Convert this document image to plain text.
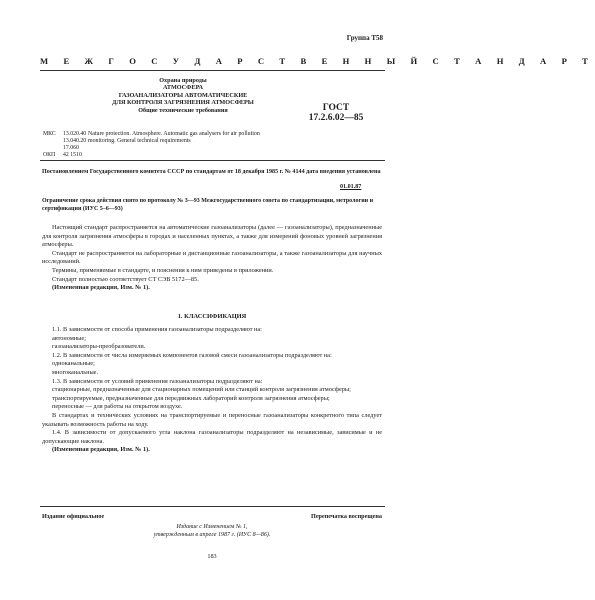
Группа Т58
М Е Ж Г О С У Д А Р С Т В Е Н Н Ы Й С Т А Н Д А Р Т
Охрана природы
АТМОСФЕРА
ГАЗОАНАЛИЗАТОРЫ АВТОМАТИЧЕСКИЕ
ДЛЯ КОНТРОЛЯ ЗАГРЯЗНЕНИЯ АТМОСФЕРЫ
Общие технические требования
Nature protection. Atmosphere. Automatic gas analysers for air pollution monitoring. General technical requirements
ГОСТ
17.2.6.02—85
МКС	13.020.40
13.040.20
17.060
ОКП	42 1510
Постановлением Государственного комитета СССР по стандартам от 18 декабря 1985 г. № 4144 дата введения установлена
01.01.87
Ограничение срока действия снято по протоколу № 3—93 Межгосударственного совета по стандартизации, метрологии и сертификации (ИУС 5–6—93)

Настоящий стандарт распространяется на автоматические газоанализаторы (далее — газоанализаторы), предназначенные для контроля загрязнения атмосферы в городах и населенных пунктах, а также для измерений фоновых уровней загрязнения атмосферы.

Стандарт не распространяется на лабораторные и дистанционные газоанализаторы, а также газоанализаторы для научных исследований.

Термины, применяемые в стандарте, и пояснения к ним приведены в приложении.

Стандарт полностью соответствует СТ СЭВ 5172—85.

(Измененная редакция, Изм. № 1).

1. КЛАССИФИКАЦИЯ

1.1. В зависимости от способа применения газоанализаторы подразделяют на:

автономные;

газоанализаторы-преобразователи.

1.2. В зависимости от числа измеряемых компонентов газовой смеси газоанализаторы подразделяют на:

одноканальные;

многоканальные.

1.3. В зависимости от условий применения газоанализаторы подразделяют на:

стационарные, предназначенные для стационарных помещений или станций контроля загрязнения атмосферы;

транспортируемые, предназначенные для передвижных лабораторий контроля загрязнения атмосферы;

переносные — для работы на открытом воздухе.

В стандартах и технических условиях на транспортируемые и переносные газоанализаторы конкретного типа следует указывать возможность работы на ходу.

1.4. В зависимости от допускаемого угла наклона газоанализаторы подразделяют на независимые, зависимые и не допускающие наклона.

(Измененная редакция, Изм. № 1).

Издание официальное	Перепечатка воспрещена
Издание с Изменением № 1,
утвержденным в апреле 1987 г. (ИУС 8—86).
183
